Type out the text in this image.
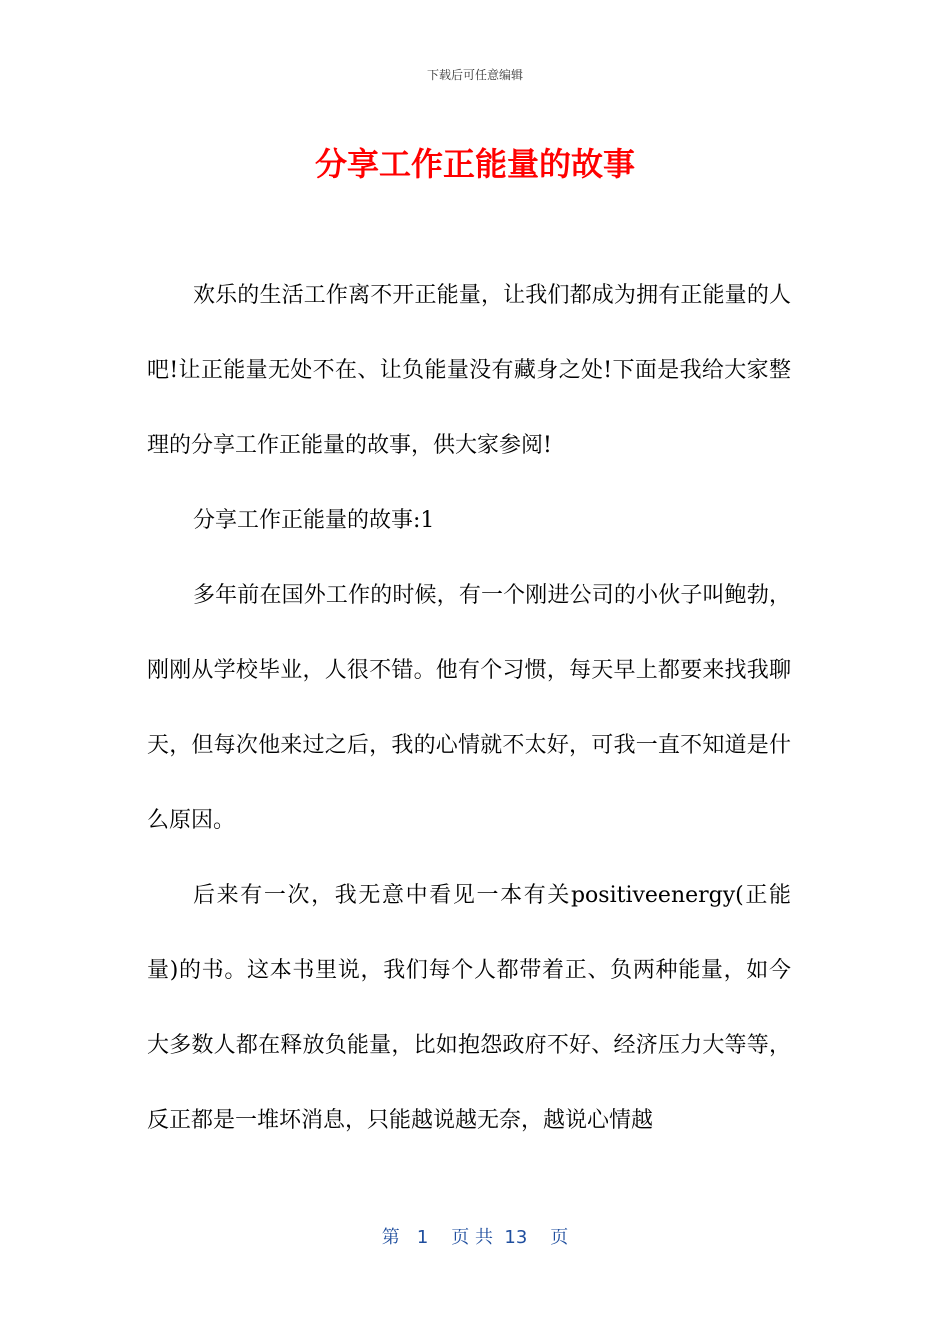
下载后可任意编辑
分享工作正能量的故事

欢乐的生活工作离不开正能量，让我们都成为拥有正能量的人吧!让正能量无处不在、让负能量没有藏身之处!下面是我给大家整理的分享工作正能量的故事，供大家参阅!

分享工作正能量的故事:1

多年前在国外工作的时候，有一个刚进公司的小伙子叫鲍勃，刚刚从学校毕业，人很不错。他有个习惯，每天早上都要来找我聊天，但每次他来过之后，我的心情就不太好，可我一直不知道是什么原因。

后来有一次，我无意中看见一本有关positiveenergy(正能量)的书。这本书里说，我们每个人都带着正、负两种能量，如今大多数人都在释放负能量，比如抱怨政府不好、经济压力大等等，反正都是一堆坏消息，只能越说越无奈，越说心情越

第   1    页 共  13    页
